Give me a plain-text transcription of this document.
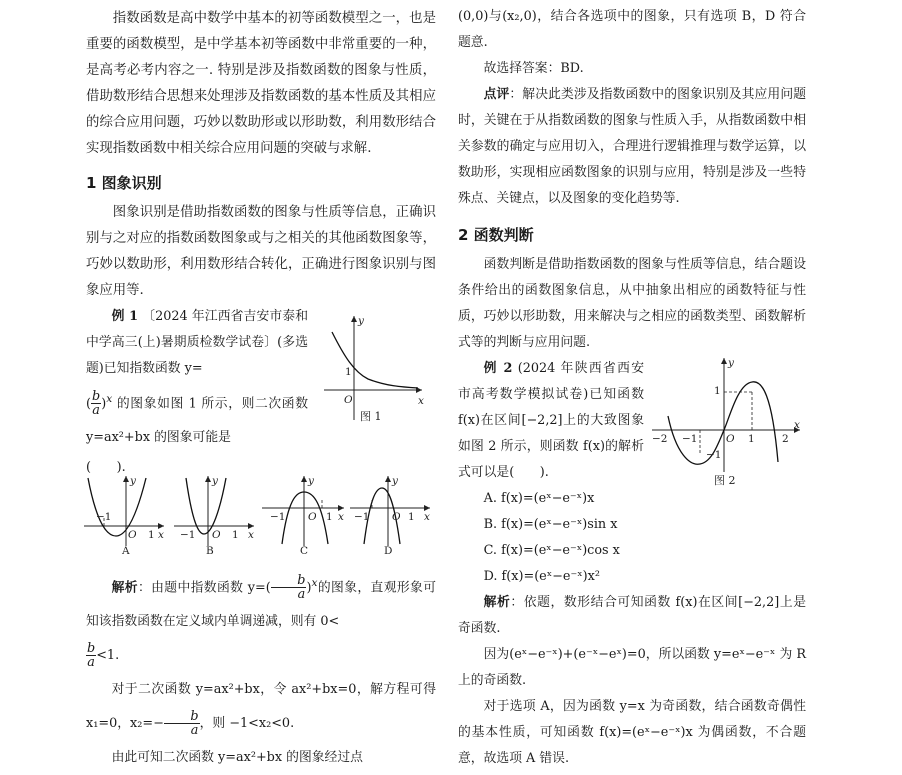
指数函数是高中数学中基本的初等函数模型之一，也是重要的函数模型，是中学基本初等函数中非常重要的一种，是高考必考内容之一. 特别是涉及指数函数的图象与性质，借助数形结合思想来处理涉及指数函数的基本性质及其相应的综合应用问题，巧妙以数助形或以形助数，利用数形结合实现指数函数中相关综合应用问题的突破与求解.

1 图象识别

图象识别是借助指数函数的图象与性质等信息，正确识别与之对应的指数函数图象或与之相关的其他函数图象等，巧妙以数助形，利用数形结合转化，正确进行图象识别与图象应用等.

例 1 〔2024 年江西省吉安市泰和中学高三(上)暑期质检数学试卷〕(多选题)已知指数函数 y=

( $\frac{b}{a} )^x$ 的图象如图 1 所示，则二次函数 y=ax²+bx 的图象可能是

(　　).

y
x
O
1
图 1
y
x
O
−1
1
A
y
x
O
−1	1
B
y
x
O
−1	1
C
y
x
O
−1	1
D

解析：由题中指数函数 $y=( \frac{b}{a} )^x$的图象，直观形象可知该指数函数在定义域内单调递减，则有 0<

$\frac{b}{a} <1$.

对于二次函数 y=ax²+bx，令 ax²+bx=0，解方程可得 x₁=0，$x_2=- \frac{b}{a}$ ，则 −1<x₂<0.

由此可知二次函数 y=ax²+bx 的图象经过点

(0,0)与(x₂,0)，结合各选项中的图象，只有选项 B，D 符合题意.

故选择答案：BD.

点评：解决此类涉及指数函数中的图象识别及其应用问题时，关键在于从指数函数的图象与性质入手，从指数函数中相关参数的确定与应用切入，合理进行逻辑推理与数学运算，以数助形，实现相应函数图象的识别与应用，特别是涉及一些特殊点、关键点，以及图象的变化趋势等.

2 函数判断

函数判断是借助指数函数的图象与性质等信息，结合题设条件给出的函数图象信息，从中抽象出相应的函数特征与性质，巧妙以形助数，用来解决与之相应的函数类型、函数解析式等的判断与应用问题.

例 2 (2024 年陕西省西安市高考数学模拟试卷)已知函数 f(x)在区间[−2,2]上的大致图象如图 2 所示，则函数 f(x)的解析式可以是(　　).

A. f(x)=(eˣ−e⁻ˣ)x

B. f(x)=(eˣ−e⁻ˣ)sin x

C. f(x)=(eˣ−e⁻ˣ)cos x

D. f(x)=(eˣ−e⁻ˣ)x²

解析：依题，数形结合可知函数 f(x)在区间[−2,2]上是奇函数.

因为(eˣ−e⁻ˣ)+(e⁻ˣ−eˣ)=0，所以函数 y=eˣ−e⁻ˣ 为 R 上的奇函数.

对于选项 A，因为函数 y=x 为奇函数，结合函数奇偶性的基本性质，可知函数 f(x)=(eˣ−e⁻ˣ)x 为偶函数，不合题意，故选项 A 错误.

y
x
O
1
−1
−2 −1	1	2
图 2
